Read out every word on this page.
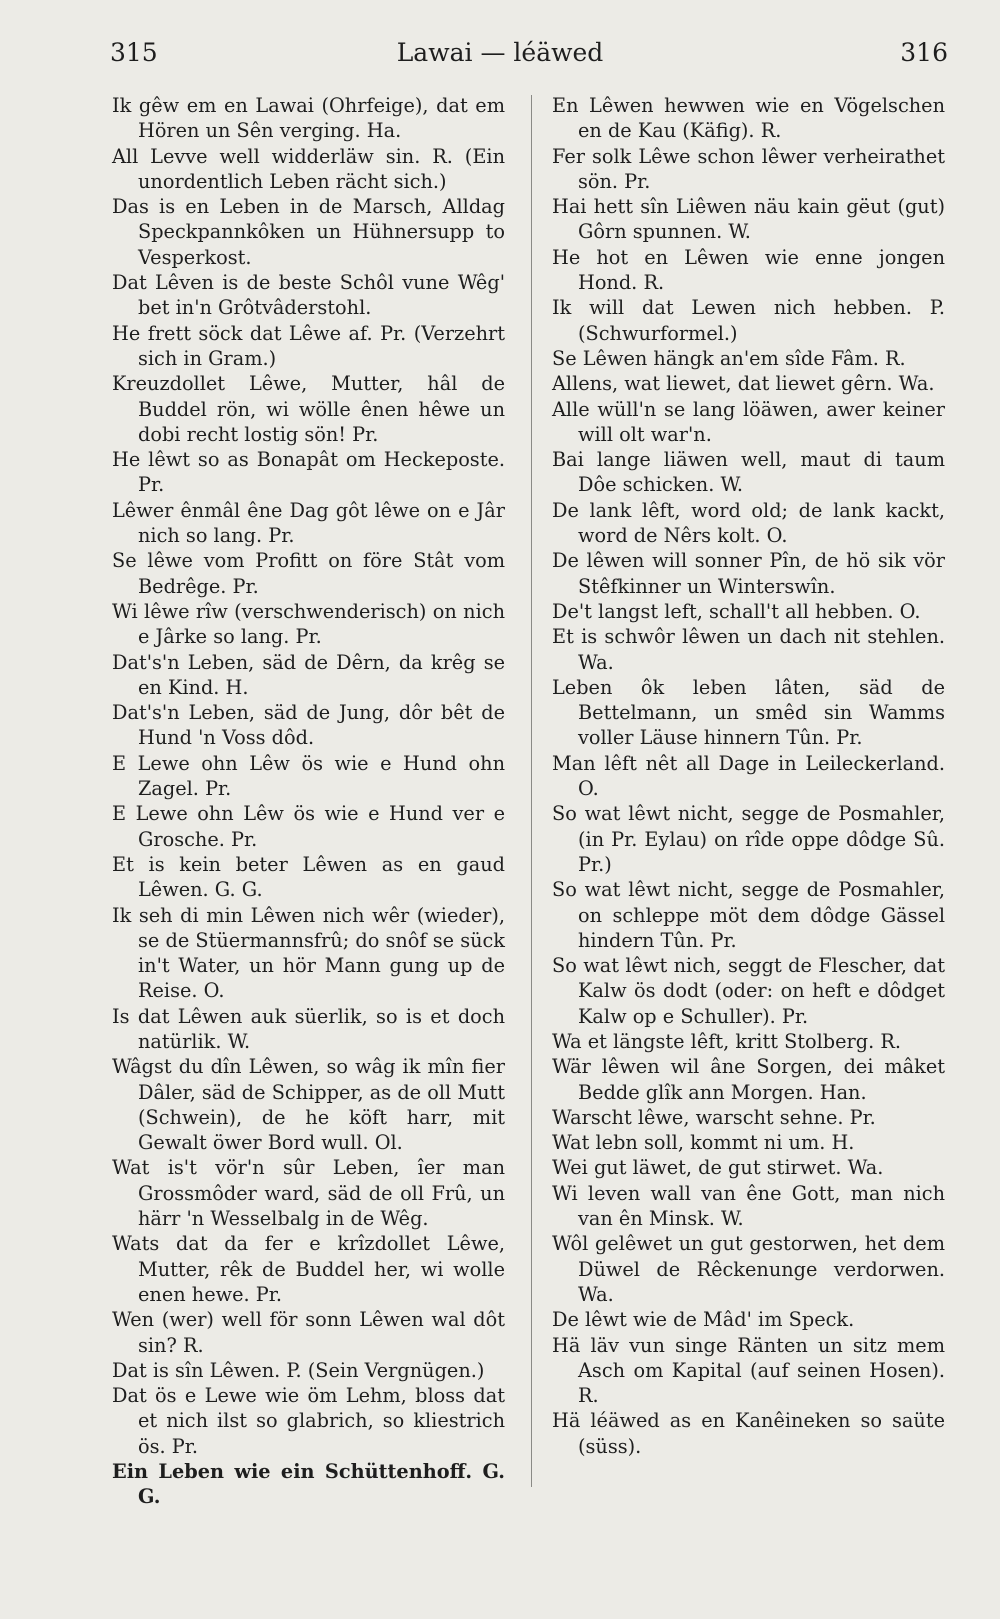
315	Lawai — léäwed	316

Ik gêw em en Lawai (Ohrfeige), dat em Hören un Sên verging. Ha.

All Levve well widderläw sin. R. (Ein unordentlich Leben rächt sich.)

Das is en Leben in de Marsch, Alldag Speckpannkôken un Hühnersupp to Vesperkost.

Dat Lêven is de beste Schôl vune Wêg' bet in'n Grôtvâderstohl.

He frett söck dat Lêwe af. Pr. (Verzehrt sich in Gram.)

Kreuzdollet Lêwe, Mutter, hâl de Buddel rön, wi wölle ênen hêwe un dobi recht lostig sön! Pr.

He lêwt so as Bonapât om Heckeposte. Pr.

Lêwer ênmâl êne Dag gôt lêwe on e Jâr nich so lang. Pr.

Se lêwe vom Profitt on före Stât vom Bedrêge. Pr.

Wi lêwe rîw (verschwenderisch) on nich e Jârke so lang. Pr.

Dat's'n Leben, säd de Dêrn, da krêg se en Kind. H.

Dat's'n Leben, säd de Jung, dôr bêt de Hund 'n Voss dôd.

E Lewe ohn Lêw ös wie e Hund ohn Zagel. Pr.

E Lewe ohn Lêw ös wie e Hund ver e Grosche. Pr.

Et is kein beter Lêwen as en gaud Lêwen. G. G.

Ik seh di min Lêwen nich wêr (wieder), se de Stüermannsfrû; do snôf se sück in't Water, un hör Mann gung up de Reise. O.

Is dat Lêwen auk süerlik, so is et doch natürlik. W.

Wâgst du dîn Lêwen, so wâg ik mîn fier Dâler, säd de Schipper, as de oll Mutt (Schwein), de he köft harr, mit Gewalt öwer Bord wull. Ol.

Wat is't vör'n sûr Leben, îer man Grossmôder ward, säd de oll Frû, un härr 'n Wesselbalg in de Wêg.

Wats dat da fer e krîzdollet Lêwe, Mutter, rêk de Buddel her, wi wolle enen hewe. Pr.

Wen (wer) well för sonn Lêwen wal dôt sin? R.

Dat is sîn Lêwen. P. (Sein Vergnügen.)

Dat ös e Lewe wie öm Lehm, bloss dat et nich ilst so glabrich, so kliestrich ös. Pr.

Ein Leben wie ein Schüttenhoff. G. G.

En Lêwen hewwen wie en Vögelschen en de Kau (Käfig). R.

Fer solk Lêwe schon lêwer verheirathet sön. Pr.

Hai hett sîn Liêwen näu kain gëut (gut) Gôrn spunnen. W.

He hot en Lêwen wie enne jongen Hond. R.

Ik will dat Lewen nich hebben. P. (Schwurformel.)

Se Lêwen hängk an'em sîde Fâm. R.

Allens, wat liewet, dat liewet gêrn. Wa.

Alle wüll'n se lang löäwen, awer keiner will olt war'n.

Bai lange liäwen well, maut di taum Dôe schicken. W.

De lank lêft, word old; de lank kackt, word de Nêrs kolt. O.

De lêwen will sonner Pîn, de hö sik vör Stêfkinner un Winterswîn.

De't langst left, schall't all hebben. O.

Et is schwôr lêwen un dach nit stehlen. Wa.

Leben ôk leben lâten, säd de Bettelmann, un smêd sin Wamms voller Läuse hinnern Tûn. Pr.

Man lêft nêt all Dage in Leileckerland. O.

So wat lêwt nicht, segge de Posmahler, (in Pr. Eylau) on rîde oppe dôdge Sû. Pr.)

So wat lêwt nicht, segge de Posmahler, on schleppe möt dem dôdge Gässel hindern Tûn. Pr.

So wat lêwt nich, seggt de Flescher, dat Kalw ös dodt (oder: on heft e dôdget Kalw op e Schuller). Pr.

Wa et längste lêft, kritt Stolberg. R.

Wär lêwen wil âne Sorgen, dei mâket Bedde glîk ann Morgen. Han.

Warscht lêwe, warscht sehne. Pr.

Wat lebn soll, kommt ni um. H.

Wei gut läwet, de gut stirwet. Wa.

Wi leven wall van êne Gott, man nich van ên Minsk. W.

Wôl gelêwet un gut gestorwen, het dem Düwel de Rêckenunge verdorwen. Wa.

De lêwt wie de Mâd' im Speck.

Hä läv vun singe Ränten un sitz mem Asch om Kapital (auf seinen Hosen). R.

Hä léäwed as en Kanêineken so saüte (süss).
